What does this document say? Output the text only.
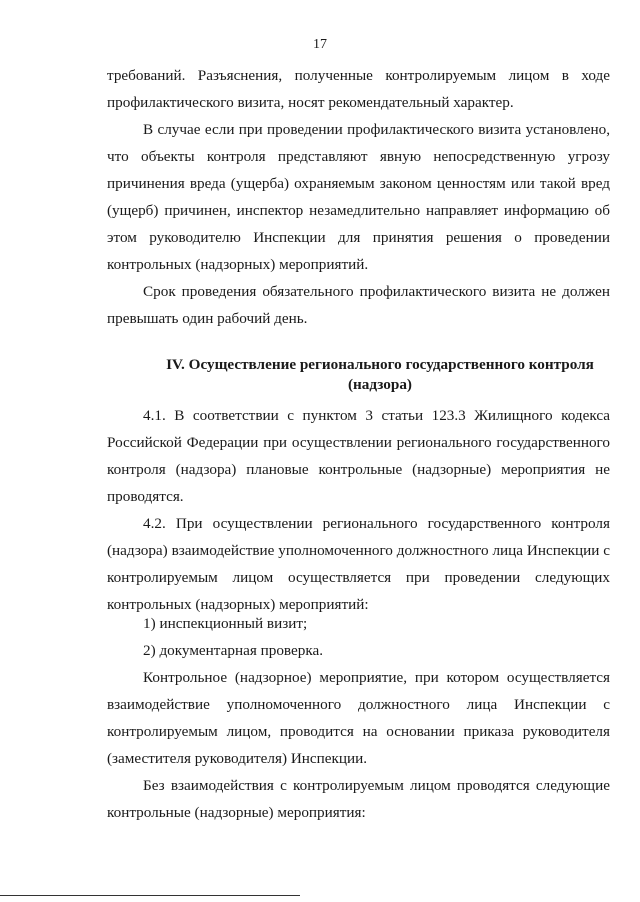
17

требований. Разъяснения, полученные контролируемым лицом в ходе профилактического визита, носят рекомендательный характер.

В случае если при проведении профилактического визита установлено, что объекты контроля представляют явную непосредственную угрозу причинения вреда (ущерба) охраняемым законом ценностям или такой вред (ущерб) причинен, инспектор незамедлительно направляет информацию об этом руководителю Инспекции для принятия решения о проведении контрольных (надзорных) мероприятий.

Срок проведения обязательного профилактического визита не должен превышать один рабочий день.

IV. Осуществление регионального государственного контроля (надзора)

4.1. В соответствии с пунктом 3 статьи 123.3 Жилищного кодекса Российской Федерации при осуществлении регионального государственного контроля (надзора) плановые контрольные (надзорные) мероприятия не проводятся.

4.2. При осуществлении регионального государственного контроля (надзора) взаимодействие уполномоченного должностного лица Инспекции с контролируемым лицом осуществляется при проведении следующих контрольных (надзорных) мероприятий:

1) инспекционный визит;

2) документарная проверка.

Контрольное (надзорное) мероприятие, при котором осуществляется взаимодействие уполномоченного должностного лица Инспекции с контролируемым лицом, проводится на основании приказа руководителя (заместителя руководителя) Инспекции.

Без взаимодействия с контролируемым лицом проводятся следующие контрольные (надзорные) мероприятия:
